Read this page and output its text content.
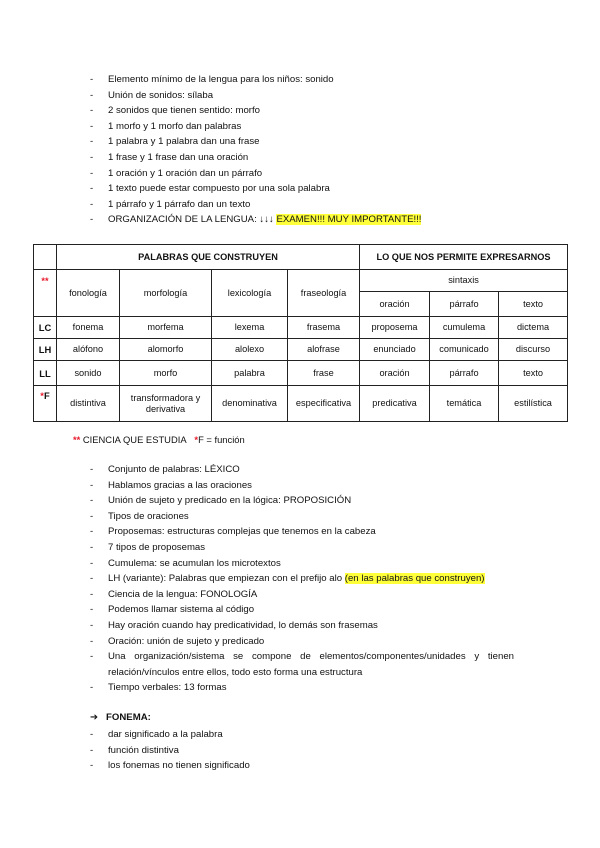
- Elemento mínimo de la lengua para los niños: sonido
- Unión de sonidos: sílaba
- 2 sonidos que tienen sentido: morfo
- 1 morfo y 1 morfo dan palabras
- 1 palabra y 1 palabra dan una frase
- 1 frase y 1 frase dan una oración
- 1 oración y 1 oración dan un párrafo
- 1 texto puede estar compuesto por una sola palabra
- 1 párrafo y 1 párrafo dan un texto
- ORGANIZACIÓN DE LA LENGUA: ↓↓↓ EXAMEN!!! MUY IMPORTANTE!!!
	PALABRAS QUE CONSTRUYEN				LO QUE NOS PERMITE EXPRESARNOS		
**	fonología	morfología	lexicología	fraseología	sintaxis		
					oración	párrafo	texto
LC	fonema	morfema	lexema	frasema	proposema	cumulema	dictema
LH	alófono	alomorfo	alolexo	alofrase	enunciado	comunicado	discurso
LL	sonido	morfo	palabra	frase	oración	párrafo	texto
*F	distintiva	transformadora y derivativa	denominativa	especificativa	predicativa	temática	estilística
** CIENCIA QUE ESTUDIA *F = función
- Conjunto de palabras: LÉXICO
- Hablamos gracias a las oraciones
- Unión de sujeto y predicado en la lógica: PROPOSICIÓN
- Tipos de oraciones
- Proposemas: estructuras complejas que tenemos en la cabeza
- 7 tipos de proposemas
- Cumulema: se acumulan los microtextos
- LH (variante): Palabras que empiezan con el prefijo alo (en las palabras que construyen)
- Ciencia de la lengua: FONOLOGÍA
- Podemos llamar sistema al código
- Hay oración cuando hay predicatividad, lo demás son frasemas
- Oración: unión de sujeto y predicado
- Una organización/sistema se compone de elementos/componentes/unidades y tienen relación/vínculos entre ellos, todo esto forma una estructura
- Tiempo verbales: 13 formas
➔ FONEMA:
- dar significado a la palabra
- función distintiva
- los fonemas no tienen significado
